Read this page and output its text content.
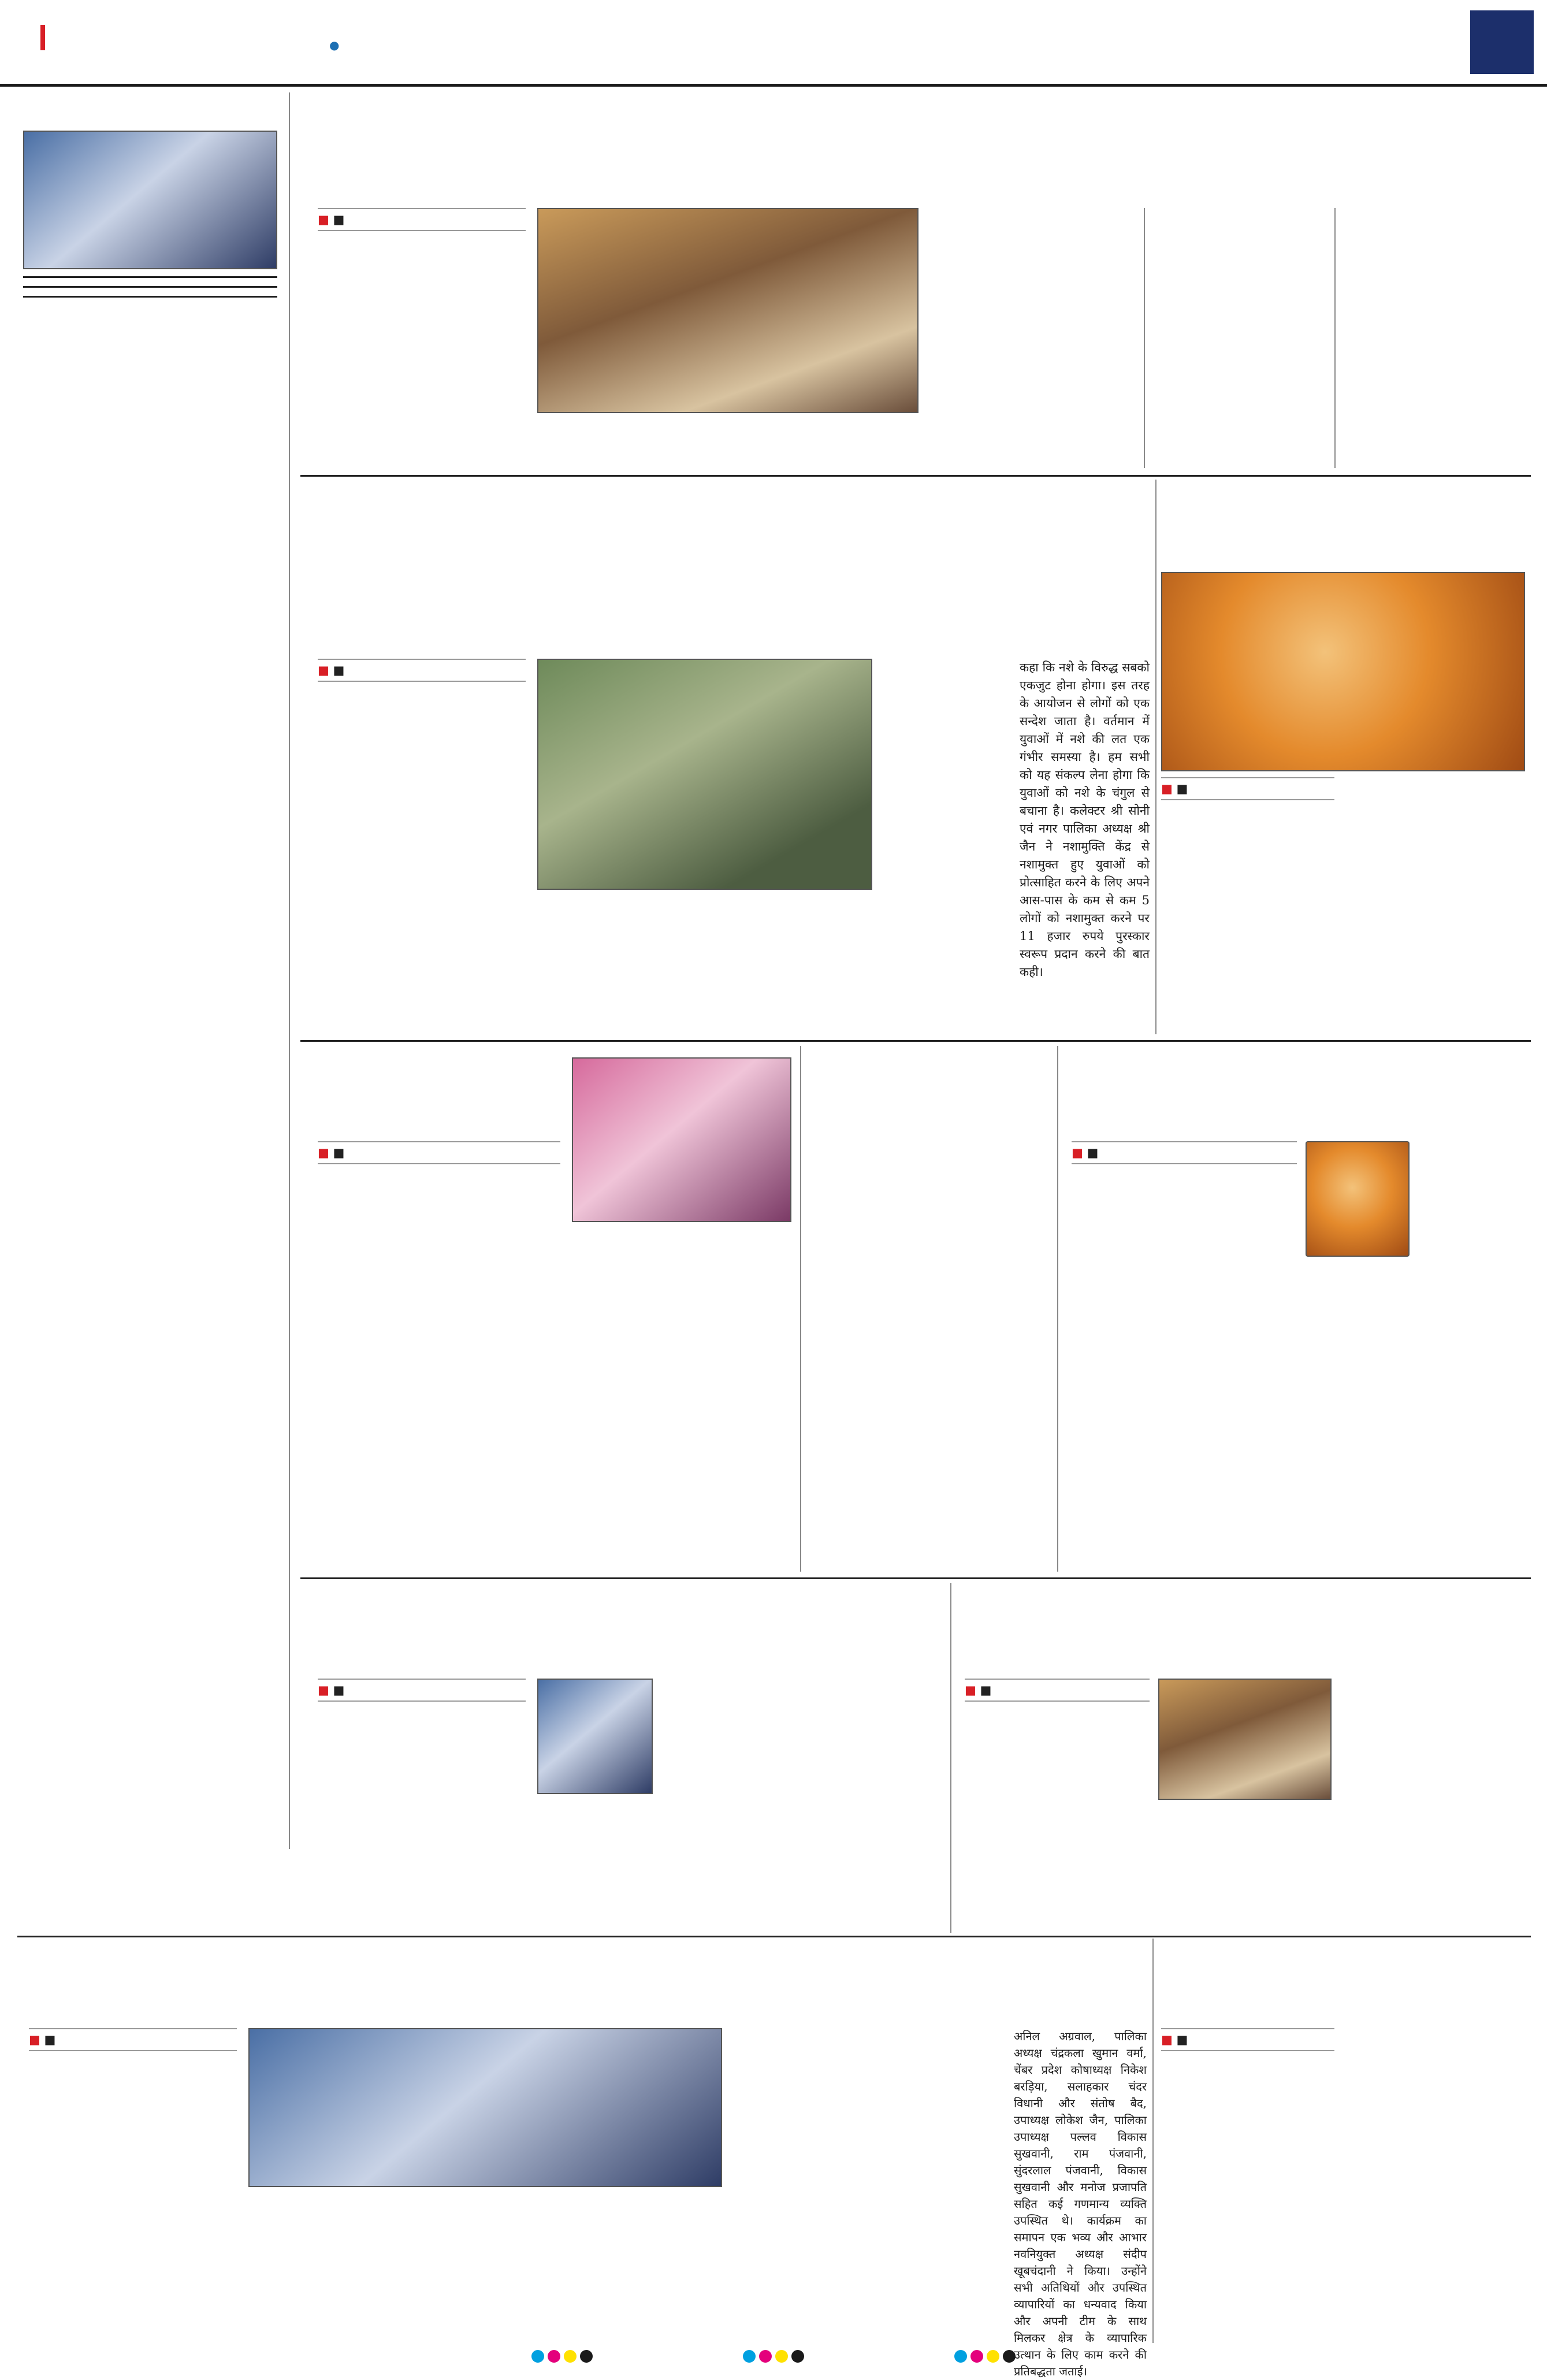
●
■ ■
■ ■
■ ■
■ ■	■ ■
■ ■	■ ■
■ ■	■ ■
कहा कि नशे के विरुद्ध सबको एकजुट होना होगा। इस तरह के आयोजन से लोगों को एक सन्देश जाता है। वर्तमान में युवाओं में नशे की लत एक गंभीर समस्या है। हम सभी को यह संकल्प लेना होगा कि युवाओं को नशे के चंगुल से बचाना है। कलेक्टर श्री सोनी एवं नगर पालिका अध्यक्ष श्री जैन ने नशामुक्ति केंद्र से नशामुक्त हुए युवाओं को प्रोत्साहित करने के लिए अपने आस-पास के कम से कम 5 लोगों को नशामुक्त करने पर 11 हजार रुपये पुरस्कार स्वरूप प्रदान करने की बात कही।
अनिल अग्रवाल, पालिका अध्यक्ष चंद्रकला खुमान वर्मा, चेंबर प्रदेश कोषाध्यक्ष निकेश बरड़िया, सलाहकार चंदर विधानी और संतोष बैद, उपाध्यक्ष लोकेश जैन, पालिका उपाध्यक्ष पल्लव विकास सुखवानी, राम पंजवानी, सुंदरलाल पंजवानी, विकास सुखवानी और मनोज प्रजापति सहित कई गणमान्य व्यक्ति उपस्थित थे। कार्यक्रम का समापन एक भव्य और आभार नवनियुक्त अध्यक्ष संदीप खूबचंदानी ने किया। उन्होंने सभी अतिथियों और उपस्थित व्यापारियों का धन्यवाद किया और अपनी टीम के साथ मिलकर क्षेत्र के व्यापारिक उत्थान के लिए काम करने की प्रतिबद्धता जताई।
